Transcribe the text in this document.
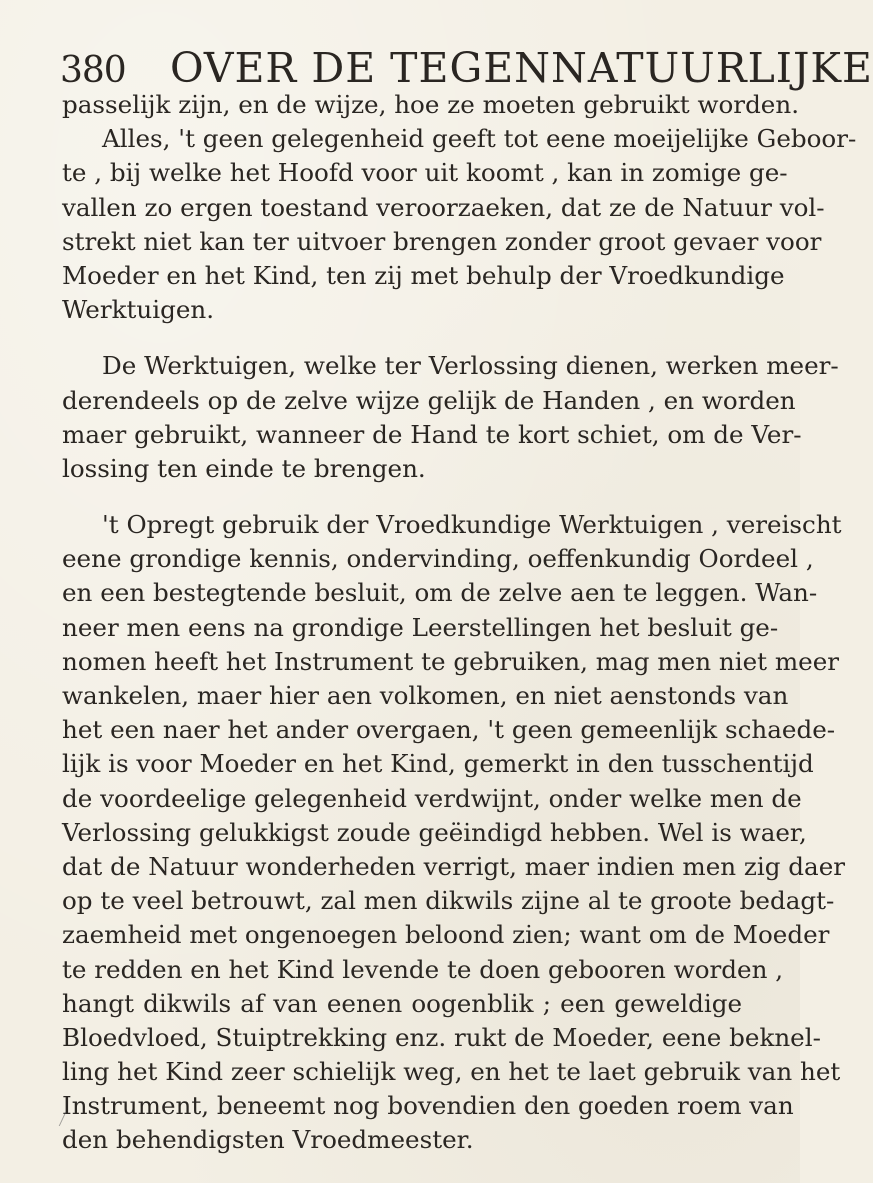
380 OVER DE TEGENNATUURLIJKE
passelijk zijn, en de wijze, hoe ze moeten gebruikt worden.
Alles, 't geen gelegenheid geeft tot eene moeijelijke Geboor-
te , bij welke het Hoofd voor uit koomt , kan in zomige ge-
vallen zo ergen toestand veroorzaeken, dat ze de Natuur vol-
strekt niet kan ter uitvoer brengen zonder groot gevaer voor
Moeder en het Kind, ten zij met behulp der Vroedkundige
Werktuigen.
De Werktuigen, welke ter Verlossing dienen, werken meer-
derendeels op de zelve wijze gelijk de Handen , en worden
maer gebruikt, wanneer de Hand te kort schiet, om de Ver-
lossing ten einde te brengen.
't Opregt gebruik der Vroedkundige Werktuigen , vereischt
eene grondige kennis, ondervinding, oeffenkundig Oordeel ,
en een bestegtende besluit, om de zelve aen te leggen. Wan-
neer men eens na grondige Leerstellingen het besluit ge-
nomen heeft het Instrument te gebruiken, mag men niet meer
wankelen, maer hier aen volkomen, en niet aenstonds van
het een naer het ander overgaen, 't geen gemeenlijk schaede-
lijk is voor Moeder en het Kind, gemerkt in den tusschentijd
de voordeelige gelegenheid verdwijnt, onder welke men de
Verlossing gelukkigst zoude geëindigd hebben. Wel is waer,
dat de Natuur wonderheden verrigt, maer indien men zig daer
op te veel betrouwt, zal men dikwils zijne al te groote bedagt-
zaemheid met ongenoegen beloond zien; want om de Moeder
te redden en het Kind levende te doen gebooren worden ,
hangt dikwils af van eenen oogenblik ; een geweldige
Bloedvloed, Stuiptrekking enz. rukt de Moeder, eene beknel-
ling het Kind zeer schielijk weg, en het te laet gebruik van het
Instrument, beneemt nog bovendien den goeden roem van
den behendigsten Vroedmeester.
